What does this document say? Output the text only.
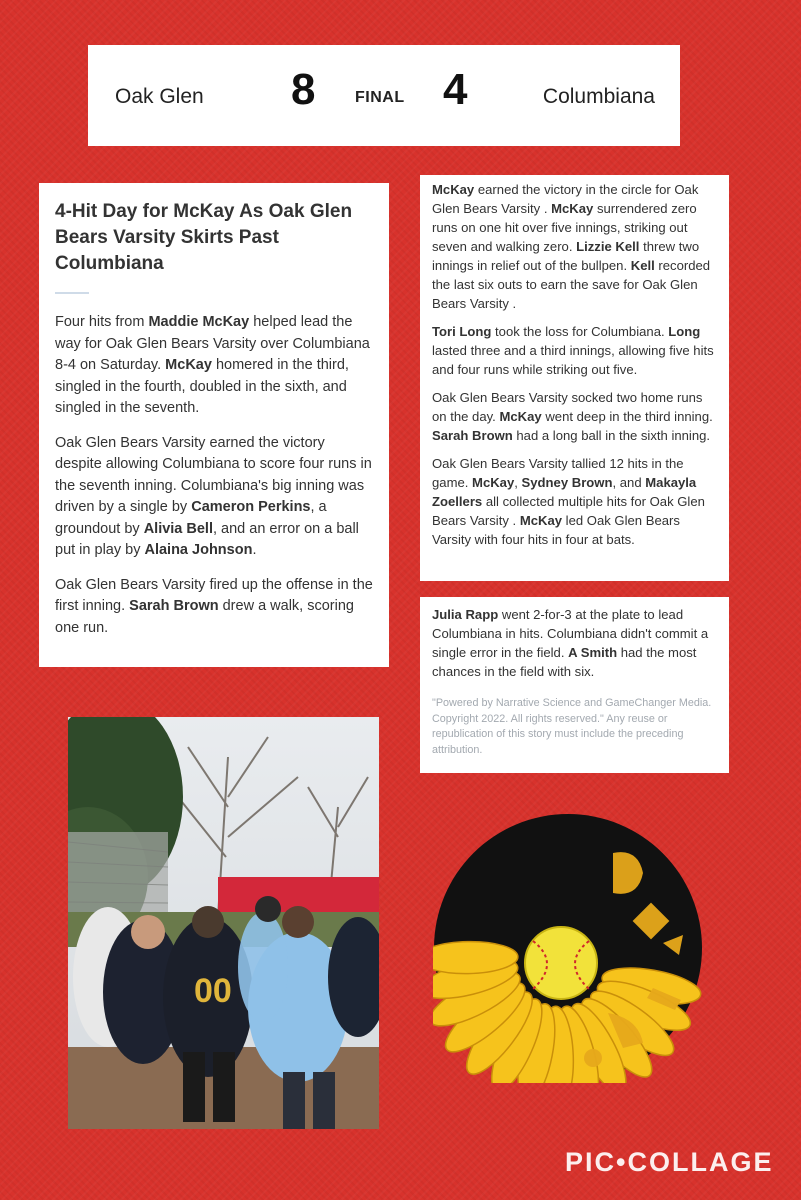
Oak Glen 8 FINAL 4	Columbiana
4-Hit Day for McKay As Oak Glen Bears Varsity Skirts Past Columbiana

Four hits from Maddie McKay helped lead the way for Oak Glen Bears Varsity over Columbiana 8-4 on Saturday. McKay homered in the third, singled in the fourth, doubled in the sixth, and singled in the seventh.

Oak Glen Bears Varsity earned the victory despite allowing Columbiana to score four runs in the seventh inning. Columbiana's big inning was driven by a single by Cameron Perkins, a groundout by Alivia Bell, and an error on a ball put in play by Alaina Johnson.

Oak Glen Bears Varsity fired up the offense in the first inning. Sarah Brown drew a walk, scoring one run.

McKay earned the victory in the circle for Oak Glen Bears Varsity . McKay surrendered zero runs on one hit over five innings, striking out seven and walking zero. Lizzie Kell threw two innings in relief out of the bullpen. Kell recorded the last six outs to earn the save for Oak Glen Bears Varsity .

Tori Long took the loss for Columbiana. Long lasted three and a third innings, allowing five hits and four runs while striking out five.

Oak Glen Bears Varsity socked two home runs on the day. McKay went deep in the third inning. Sarah Brown had a long ball in the sixth inning.

Oak Glen Bears Varsity tallied 12 hits in the game. McKay, Sydney Brown, and Makayla Zoellers all collected multiple hits for Oak Glen Bears Varsity . McKay led Oak Glen Bears Varsity with four hits in four at bats.

Julia Rapp went 2-for-3 at the plate to lead Columbiana in hits. Columbiana didn't commit a single error in the field. A Smith had the most chances in the field with six.

"Powered by Narrative Science and GameChanger Media. Copyright 2022. All rights reserved." Any reuse or republication of this story must include the preceding attribution.

00
PIC•COLLAGE
